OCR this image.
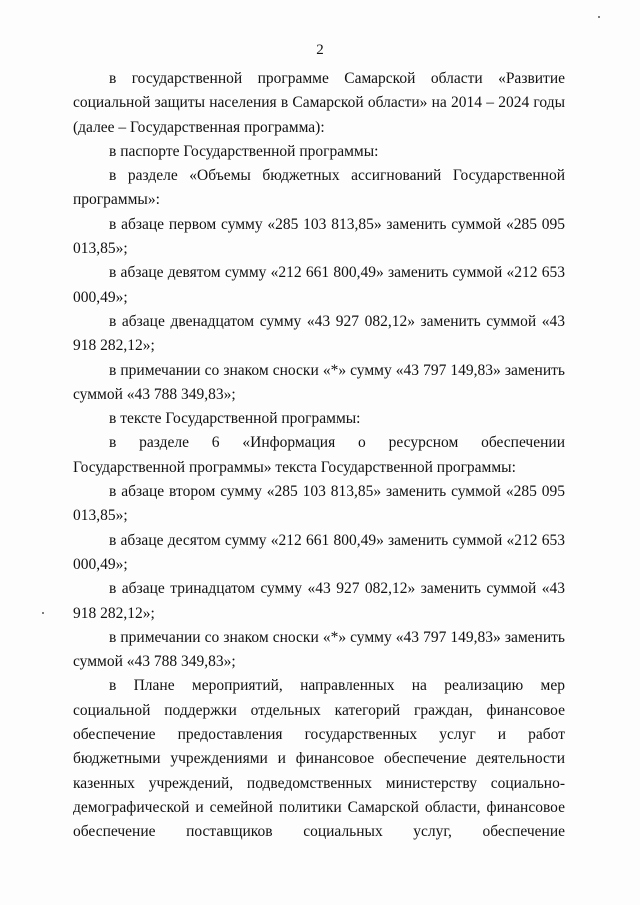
2

в государственной программе Самарской области «Развитие социальной защиты населения в Самарской области» на 2014 – 2024 годы (далее – Государственная программа):

в паспорте Государственной программы:

в разделе «Объемы бюджетных ассигнований Государственной программы»:

в абзаце первом сумму «285 103 813,85» заменить суммой «285 095 013,85»;

в абзаце девятом сумму «212 661 800,49» заменить суммой «212 653 000,49»;

в абзаце двенадцатом сумму «43 927 082,12» заменить суммой «43 918 282,12»;

в примечании со знаком сноски «*» сумму «43 797 149,83» заменить суммой «43 788 349,83»;

в тексте Государственной программы:

в разделе 6 «Информация о ресурсном обеспечении Государственной программы» текста Государственной программы:

в абзаце втором сумму «285 103 813,85» заменить суммой «285 095 013,85»;

в абзаце десятом сумму «212 661 800,49» заменить суммой «212 653 000,49»;

в абзаце тринадцатом сумму «43 927 082,12» заменить суммой «43 918 282,12»;

в примечании со знаком сноски «*» сумму «43 797 149,83» заменить суммой «43 788 349,83»;

в Плане мероприятий, направленных на реализацию мер социальной поддержки отдельных категорий граждан, финансовое обеспечение предоставления государственных услуг и работ бюджетными учреждениями и финансовое обеспечение деятельности казенных учреждений, подведомственных министерству социально-демографической и семейной политики Самарской области, финансовое обеспечение поставщиков социальных услуг, обеспечение
